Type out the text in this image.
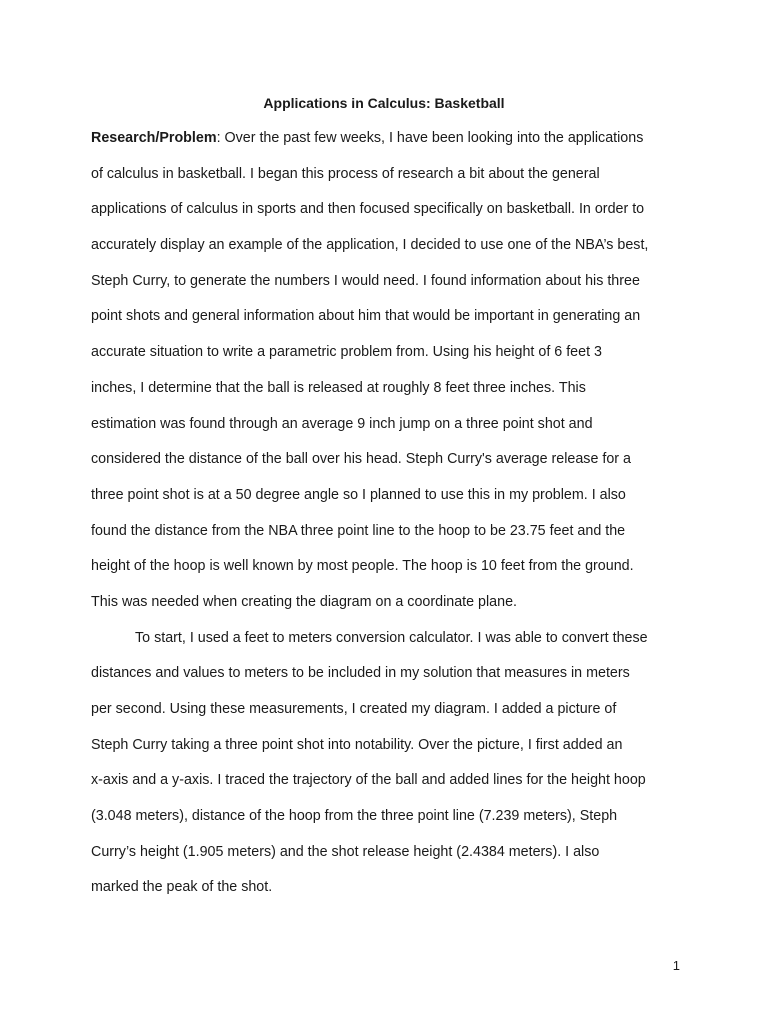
Applications in Calculus: Basketball
Research/Problem: Over the past few weeks, I have been looking into the applications
of calculus in basketball. I began this process of research a bit about the general
applications of calculus in sports and then focused specifically on basketball. In order to
accurately display an example of the application, I decided to use one of the NBA’s best,
Steph Curry, to generate the numbers I would need. I found information about his three
point shots and general information about him that would be important in generating an
accurate situation to write a parametric problem from. Using his height of 6 feet 3
inches, I determine that the ball is released at roughly 8 feet three inches. This
estimation was found through an average 9 inch jump on a three point shot and
considered the distance of the ball over his head. Steph Curry's average release for a
three point shot is at a 50 degree angle so I planned to use this in my problem. I also
found the distance from the NBA three point line to the hoop to be 23.75 feet and the
height of the hoop is well known by most people. The hoop is 10 feet from the ground.
This was needed when creating the diagram on a coordinate plane.
To start, I used a feet to meters conversion calculator. I was able to convert these
distances and values to meters to be included in my solution that measures in meters
per second. Using these measurements, I created my diagram. I added a picture of
Steph Curry taking a three point shot into notability. Over the picture, I first added an
x-axis and a y-axis. I traced the trajectory of the ball and added lines for the height hoop
(3.048 meters), distance of the hoop from the three point line (7.239 meters), Steph
Curry’s height (1.905 meters) and the shot release height (2.4384 meters). I also
marked the peak of the shot.
1
